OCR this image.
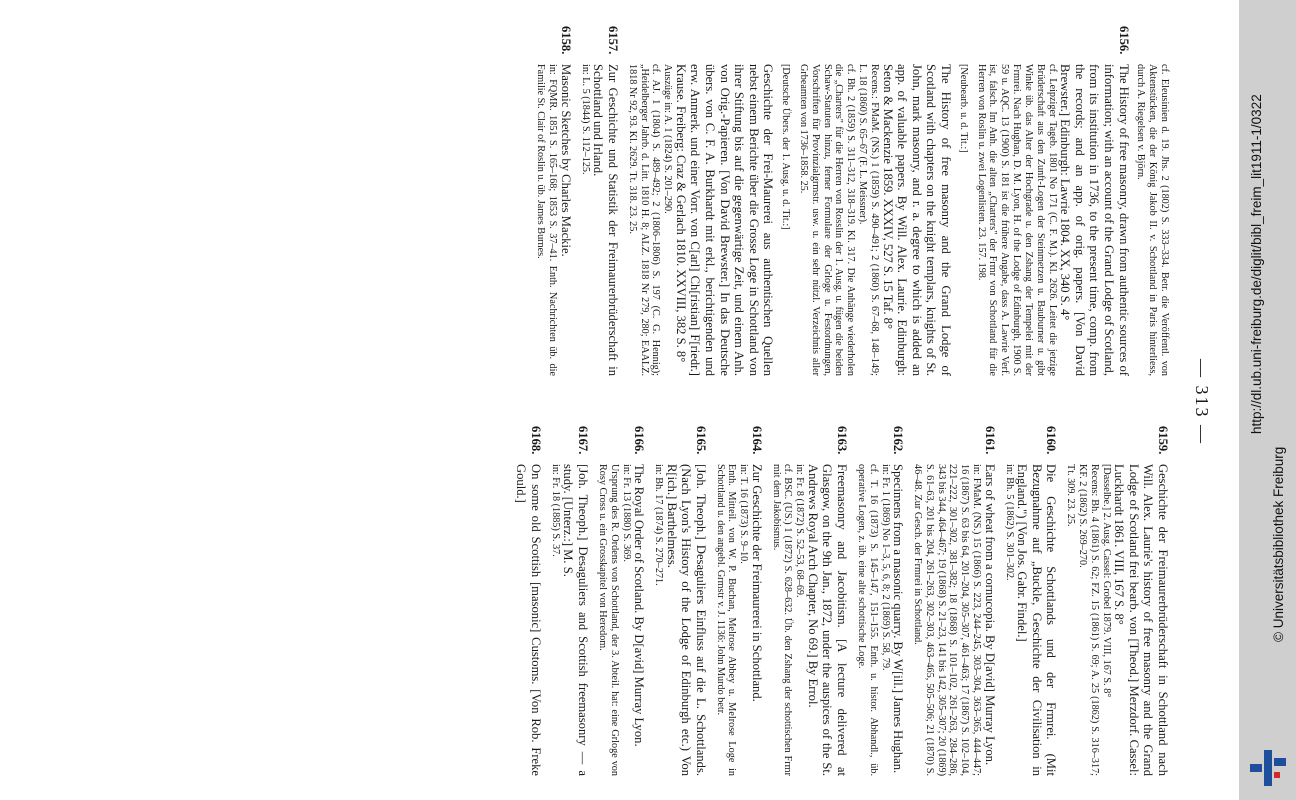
— 313 —
cf. Eleusinien d. 19. Jhs. 2 (1802) S. 333–334. Betr. die Veröffentl. von Aktenstücken, die der König Jakob II. v. Schottland in Paris hinterliess, durch A. Riegelsen v. Björn.
6156.
The History of free masonry, drawn from authentic sources of information; with an account of the Grand Lodge of Scotland, from its institution in 1736, to the present time, comp. from the records; and an app. of orig. papers. [Von David Brewster.] Edinburgh: Lawrie 1804. XX, 340 S. 4°
cf. Leipziger Tageb. 1801 No 171 (C. F. M.). Kl. 2626. Leitet die jetzige Brüderschaft aus den Zunft-Logen der Steinmetzen u. Bauburner u. gibt Winke üb. das Alter der Hochgrade u. den Zshang der Tempelei mit der Frmrei. Nach Hughan, D. M. Lyon, H. of the Lodge of Edinburgh, 1900 S. 59 u. AQC. 13 (1900) S. 181 ist die frühere Angabe, dass A. Lawrie Verf. ist, falsch. Im Anh. die alten „Charters" der Frmr von Schottland für die Herren von Roslin u. zwei Logenlisten. 23. 157. 198.
[Neubearb. u. d. Tit.:]
The History of free masonry and the Grand Lodge of Scotland with chapters on the knight templars, knights of St. John, mark masonry, and r. a. degree to which is added an app. of valuable papers. By Will. Alex. Laurie. Edinburgh: Seton & Mackenzie 1859. XXXIV, 527 S. 15 Taf. 8°
Recens.: FMaM. (NS.) 1 (1859) S. 490–491; 2 (1860) S. 67–68, 148–149; L. 18 (1860) S. 65–67 (F. L. Meissner).
cf. Bh. 2 (1859) S. 311–312, 318–319. Kl. 317. Die Anhänge wiederholen die „Charters" für die Herren von Rosslin der 1. Ausg. u. fügen die beiden Schaw-Statuten hinzu, ferner Formulare der Grloge u. Festordnungen, Vorschriften für Provinzialgrmstr. usw. u. ein sehr nützl. Verzeichnis aller Grbeamten von 1736–1858. 25.
[Deutsche Übers. der 1. Ausg. u. d. Tit.:]
Geschichte der Frei-Maurerei aus authentischen Quellen nebst einem Berichte über die Grosse Loge in Schottland von ihrer Stiftung bis auf die gegenwärtige Zeit, und einem Anh. von Orig.-Papieren. [Von David Brewster.] In das Deutsche übers. von C. F. A. Burkhardt mit erkl., berichtigenden und erw. Anmerk. und einer Vorr. von C[arl] Ch[ristian] F[riedr.] Krause. Freiberg: Craz & Gerlach 1810. XXVIII, 382 S. 8°
Auszüge in: A. 1 (1824) S. 201–290.
cf. AJ. 1 (1804) S. 489–492; 2 (1806–1806) S. 197 (C. G. Hennig); „Heidelberger Jahrb. d. Litt. 1810 H. 8; ALZ. 1818 Nr 279, 280; EAALZ. 1818 Nr 92, 93. Kl. 2629. Tt. 318. 23. 25.
6157.
Zur Geschichte und Statistik der Freimaurerbrüderschaft in Schottland und Irland.
in: L. 5 (1844) S. 112–125.
6158.
Masonic Sketches by Charles Mackie.
in: FQMR. 1851 S. 165–168; 1853 S. 37–41. Enth. Nachrichten üb. die Familie St. Clair of Roslin u. üb. James Burnes.
6159.
Geschichte der Freimaurerbrüderschaft in Schottland nach Will. Alex. Laurie's history of free masonry and the Grand Lodge of Scotland frei bearb. von [Theod.] Merzdorf. Cassel: Luckhardt 1861. VIII, 167 S. 8°
[Dasselbe.] 2. Ausg. Cassel: Grobel 1879. VIII, 167 S. 8°
Recens: Bh. 4 (1861) S. 62; FZ. 15 (1861) S. 69; A. 25 (1862) S. 316–317; KF. 2 (1862) S. 269–270.
Tt. 309. 23. 25.
6160.
Die Geschichte Schottlands und der Frmrei. (Mit Bezugnahme auf „Buckle, Geschichte der Civilisation in England.") [Von Jos. Gabr. Findel.]
in: Bh. 5 (1862) S. 301–302.
6161.
Ears of wheat from a cornucopia. By D[avid] Murray Lyon.
in: FMaM. (NS.) 15 (1866) S. 223, 244–245, 303–304, 363–365, 444–447; 16 (1867) S. 63 bis 64, 201–204, 305–307, 461–463; 17 (1867) S. 102–104, 221–222, 301–302, 381–382; 18 (1868) S. 101–102, 261–263, 284–286, 343 bis 344, 464–467; 19 (1868) S. 21–23, 141 bis 142, 305–307; 20 (1869) S. 61–63, 201 bis 204, 261–263, 302–303, 463–465, 505–506; 21 (1870) S. 46–48. Zur Gesch. der Frmrei in Schottland.
6162.
Specimens from a masonic quarry. By W[ill.] James Hughan.
in: Fr. 1 (1869) No 1–3, 5, 6, 8; 2 (1869) S. 58, 79.
cf. T. 16 (1873) S. 145–147, 151–155. Enth. u. histor. Abhandl., üb. operative Logen, z. üb. eine alte schottische Loge.
6163.
Freemasonry and Jacobitism. [A lecture delivered at Glasgow, on the 9th Jan., 1872, under the auspices of the St. Andrews Royal Arch Chapter, No 69.] By Errol.
in: Fr. 8 (1872) S. 52–53, 68–69.
cf. BSC. (US.) 1 (1872) S. 628–632. Üb. den Zshang der schottischen Frmr mit dem Jakobismus.
6164.
Zur Geschichte der Freimaurerei in Schottland.
in: T. 16 (1873) S. 9–10.
Enth. Mitteil. von W. P. Buchan, Melrose Abbey u. Melrose Loge in Schottland u. den angebl. Grmstr v. J. 1136: John Murdo betr.
6165.
[Joh. Theoph.] Desaguliers Einfluss auf die L. Schottlands. (Nach Lyon's History of the Lodge of Edinburgh etc.) Von R[ich.] Barthelmess.
in: Bh. 17 (1874) S. 270–271.
6166.
The Royal Order of Scotland. By D[avid] Murray Lyon.
in: Fr. 13 (1880) S. 369.
Ursprung des R. Ordens von Schottland, der 3. Abteil. hat: eine Grloge von Rosy Cross u. ein Grosskapitel von Heredom.
6167.
[Joh. Theoph.] Desaguliers and Scottish freemasonry — a study. [Unterz.:] M. S.
in: Fr. 18 (1885) S. 37.
6168.
On some old Scottish [masonic] Customs. [Von Rob. Freke Gould.]
http://dl.ub.uni-freiburg.de/diglit/bibl_freim_lit1911-1/0322
© Universitätsbibliothek Freiburg
